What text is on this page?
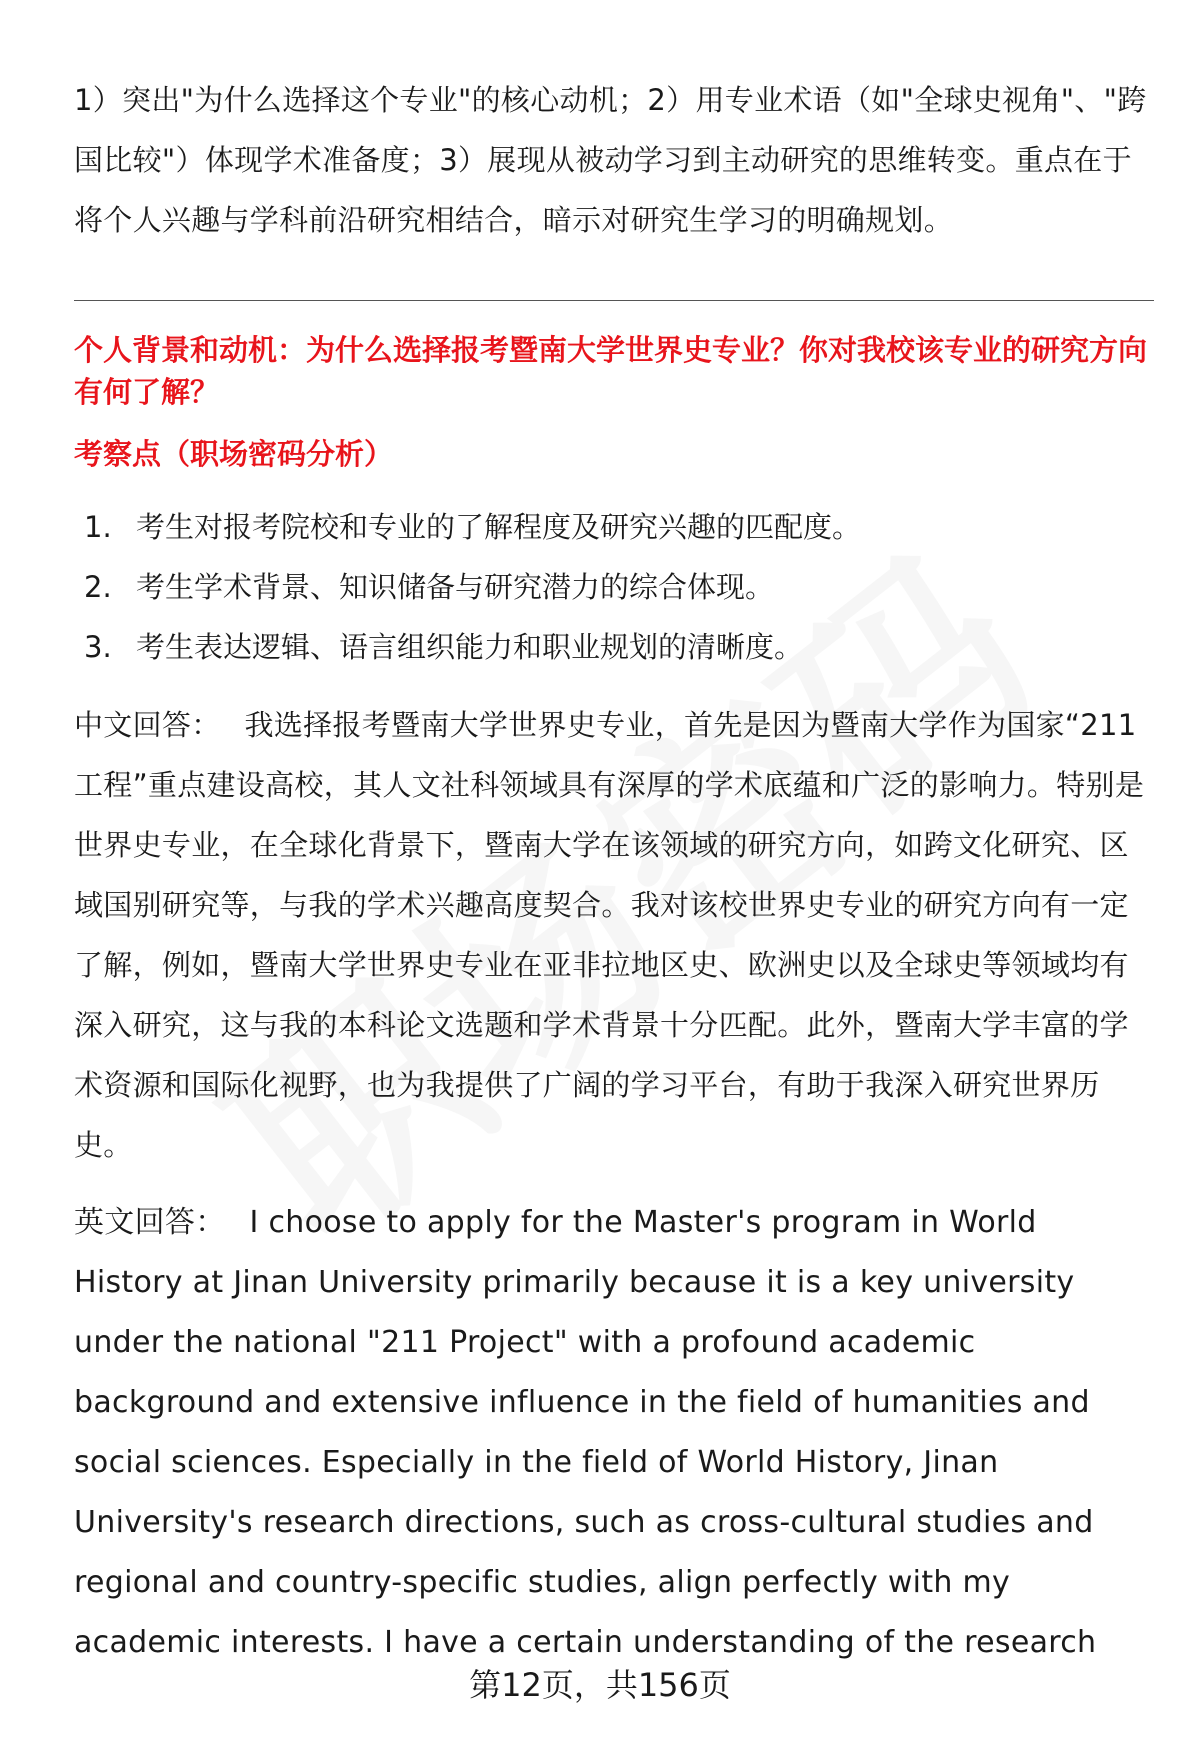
1）突出"为什么选择这个专业"的核心动机；2）用专业术语（如"全球史视角"、"跨国比较"）体现学术准备度；3）展现从被动学习到主动研究的思维转变。重点在于将个人兴趣与学科前沿研究相结合，暗示对研究生学习的明确规划。

个人背景和动机：为什么选择报考暨南大学世界史专业？你对我校该专业的研究方向有何了解？

考察点（职场密码分析）

1. 考生对报考院校和专业的了解程度及研究兴趣的匹配度。
2. 考生学术背景、知识储备与研究潜力的综合体现。
3. 考生表达逻辑、语言组织能力和职业规划的清晰度。

中文回答： 我选择报考暨南大学世界史专业，首先是因为暨南大学作为国家“211工程”重点建设高校，其人文社科领域具有深厚的学术底蕴和广泛的影响力。特别是世界史专业，在全球化背景下，暨南大学在该领域的研究方向，如跨文化研究、区域国别研究等，与我的学术兴趣高度契合。我对该校世界史专业的研究方向有一定了解，例如，暨南大学世界史专业在亚非拉地区史、欧洲史以及全球史等领域均有深入研究，这与我的本科论文选题和学术背景十分匹配。此外，暨南大学丰富的学术资源和国际化视野，也为我提供了广阔的学习平台，有助于我深入研究世界历史。

英文回答： I choose to apply for the Master's program in World History at Jinan University primarily because it is a key university under the national "211 Project" with a profound academic background and extensive influence in the field of humanities and social sciences. Especially in the field of World History, Jinan University's research directions, such as cross-cultural studies and regional and country-specific studies, align perfectly with my academic interests. I have a certain understanding of the research

第12页，共156页
